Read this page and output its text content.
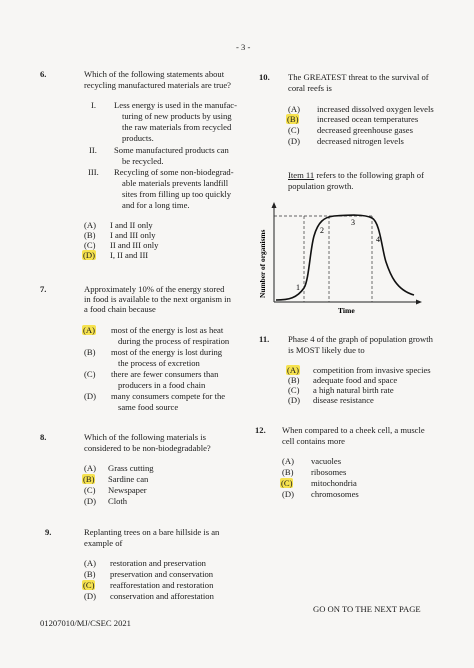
- 3 -
6.	Which of the following statements about
recycling manufactured materials are true?
I. Less energy is used in the manufac-
turing of new products by using
the raw materials from recycled
products.
II. Some manufactured products can
be recycled.
III. Recycling of some non-biodegrad-
able materials prevents landfill
sites from filling up too quickly
and for a long time.
(A) I and II only
(B) I and III only
(C) II and III only
(D) I, II and III
7.	Approximately 10% of the energy stored
in food is available to the next organism in
a food chain because
(A) most of the energy is lost as heat
during the process of respiration
(B) most of the energy is lost during
the process of excretion
(C) there are fewer consumers than
producers in a food chain
(D) many consumers compete for the
same food source
8.	Which of the following materials is
considered to be non-biodegradable?
(A) Grass cutting
(B) Sardine can
(C) Newspaper
(D) Cloth
9.	Replanting trees on a bare hillside is an
example of
(A) restoration and preservation
(B) preservation and conservation
(C) reafforestation and restoration
(D) conservation and afforestation
10. The GREATEST threat to the survival of
coral reefs is
(A) increased dissolved oxygen levels
(B) increased ocean temperatures
(C) decreased greenhouse gases
(D) decreased nitrogen levels
Item 11 refers to the following graph of
population growth.
1
2
3
4
Number of organisms
Time
11. Phase 4 of the graph of population growth
is MOST likely due to
(A) competition from invasive species
(B) adequate food and space
(C) a high natural birth rate
(D) disease resistance
12. When compared to a cheek cell, a muscle
cell contains more
(A) vacuoles
(B) ribosomes
(C) mitochondria
(D) chromosomes
GO ON TO THE NEXT PAGE
01207010/MJ/CSEC 2021
